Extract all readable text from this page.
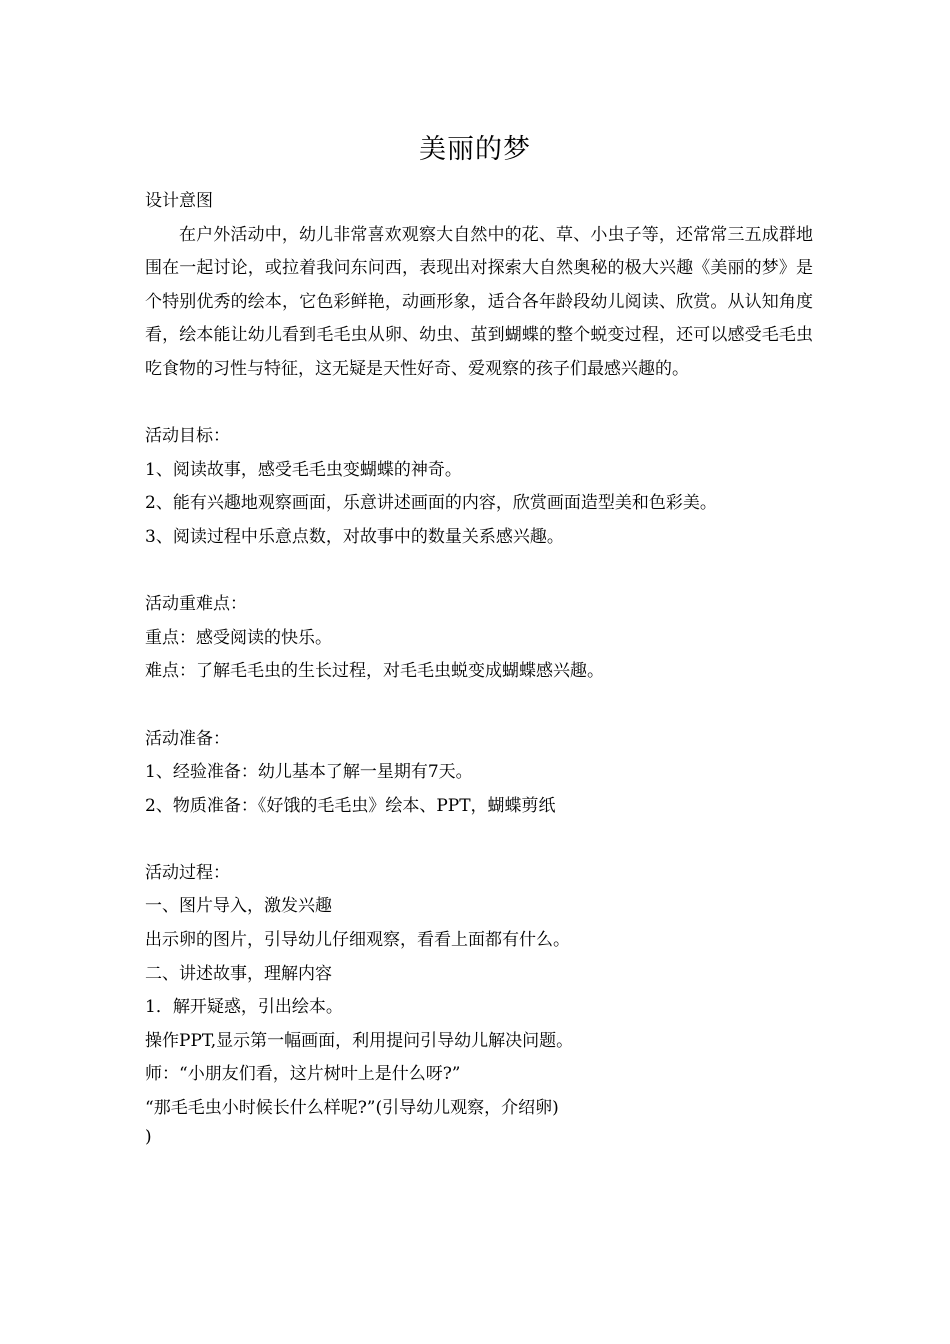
美丽的梦
设计意图

在户外活动中，幼儿非常喜欢观察大自然中的花、草、小虫子等，还常常三五成群地围在一起讨论，或拉着我问东问西，表现出对探索大自然奥秘的极大兴趣《美丽的梦》是个特别优秀的绘本，它色彩鲜艳，动画形象，适合各年龄段幼儿阅读、欣赏。从认知角度看，绘本能让幼儿看到毛毛虫从卵、幼虫、茧到蝴蝶的整个蜕变过程，还可以感受毛毛虫吃食物的习性与特征，这无疑是天性好奇、爱观察的孩子们最感兴趣的。

活动目标：
1、阅读故事，感受毛毛虫变蝴蝶的神奇。
2、能有兴趣地观察画面，乐意讲述画面的内容，欣赏画面造型美和色彩美。
3、阅读过程中乐意点数，对故事中的数量关系感兴趣。
活动重难点：
重点：感受阅读的快乐。
难点：了解毛毛虫的生长过程，对毛毛虫蜕变成蝴蝶感兴趣。
活动准备：
1、经验准备：幼儿基本了解一星期有7天。
2、物质准备：《好饿的毛毛虫》绘本、PPT，蝴蝶剪纸
活动过程：
一、图片导入，激发兴趣
出示卵的图片，引导幼儿仔细观察，看看上面都有什么。
二、讲述故事，理解内容
1．解开疑惑，引出绘本。
操作PPT,显示第一幅画面，利用提问引导幼儿解决问题。
师：“小朋友们看，这片树叶上是什么呀?”
“那毛毛虫小时候长什么样呢?”(引导幼儿观察，介绍卵)
)
